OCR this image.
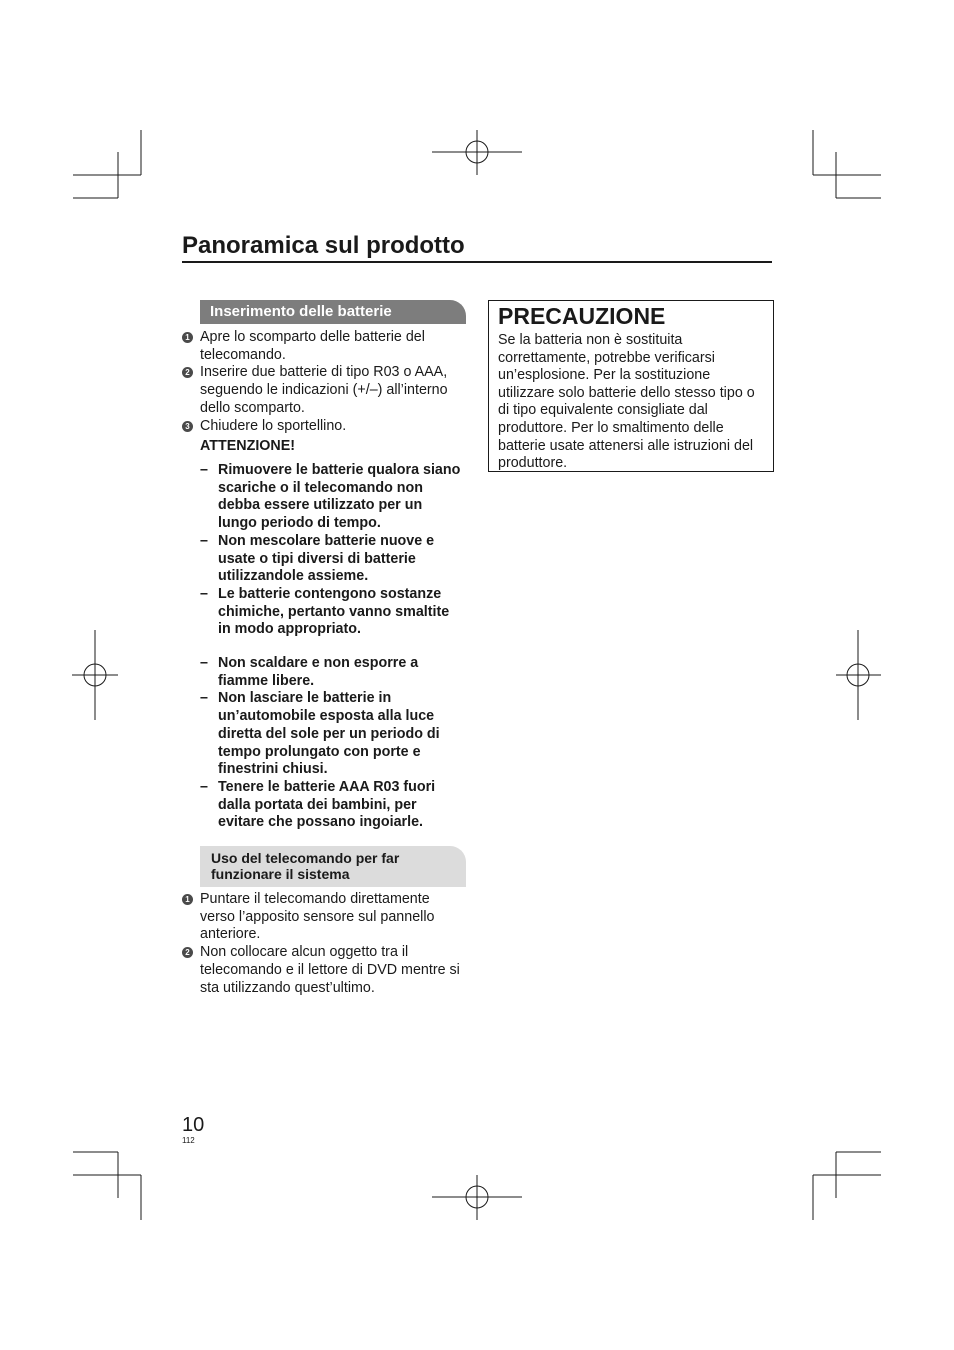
Panoramica sul prodotto
Inserimento delle batterie
1 Apre lo scomparto delle batterie del telecomando.
2 Inserire due batterie di tipo R03 o AAA, seguendo le indicazioni (+/–) all’interno dello scomparto.
3 Chiudere lo sportellino.
ATTENZIONE!
– Rimuovere le batterie qualora siano scariche o il telecomando non debba essere utilizzato per un lungo periodo di tempo.
– Non mescolare batterie nuove e usate o tipi diversi di batterie utilizzandole assieme.
– Le batterie contengono sostanze chimiche, pertanto vanno smaltite in modo appropriato.
– Non scaldare e non esporre a fiamme libere.
– Non lasciare le batterie in un’automobile esposta alla luce diretta del sole per un periodo di tempo prolungato con porte e finestrini chiusi.
– Tenere le batterie AAA R03 fuori dalla portata dei bambini, per evitare che possano ingoiarle.
Uso del telecomando per far funzionare il sistema
1 Puntare il telecomando direttamente verso l’apposito sensore sul pannello anteriore.
2 Non collocare alcun oggetto tra il telecomando e il lettore di DVD mentre si sta utilizzando quest’ultimo.
PRECAUZIONE
Se la batteria non è sostituita correttamente, potrebbe verificarsi un’esplosione. Per la sostituzione utilizzare solo batterie dello stesso tipo o di tipo equivalente consigliate dal produttore. Per lo smaltimento delle batterie usate attenersi alle istruzioni del produttore.
10
112
